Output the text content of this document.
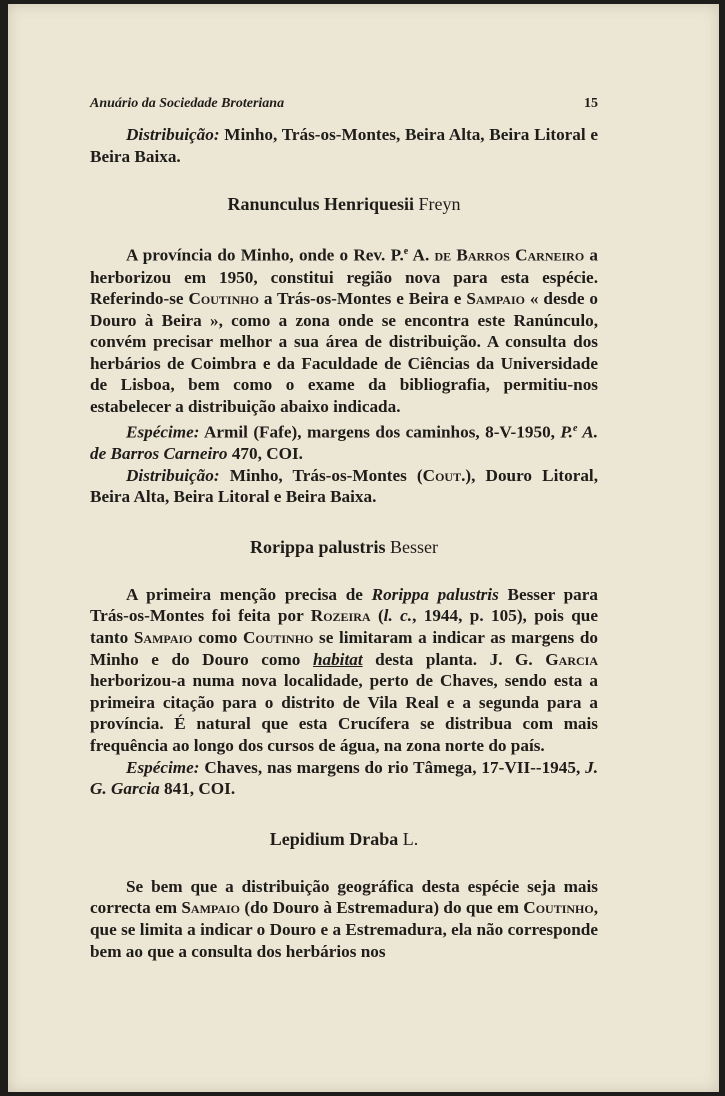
Anuário da Sociedade Broteriana	15

Distribuição: Minho, Trás-os-Montes, Beira Alta, Beira Litoral e Beira Baixa.

Ranunculus Henriquesii Freyn

A província do Minho, onde o Rev. P.$^e$ A. de Barros Carneiro a herborizou em 1950, constitui região nova para esta espécie. Referindo-se Coutinho a Trás-os-Montes e Beira e Sampaio « desde o Douro à Beira », como a zona onde se encontra este Ranúnculo, convém precisar melhor a sua área de distribuição. A consulta dos herbários de Coimbra e da Faculdade de Ciências da Universidade de Lisboa, bem como o exame da bibliografia, permitiu-nos estabelecer a distribuição abaixo indicada.

Espécime: Armil (Fafe), margens dos caminhos, 8-V-1950, P.$^e$ A. de Barros Carneiro 470, COI.

Distribuição: Minho, Trás-os-Montes (Cout.), Douro Litoral, Beira Alta, Beira Litoral e Beira Baixa.

Rorippa palustris Besser

A primeira menção precisa de Rorippa palustris Besser para Trás-os-Montes foi feita por Rozeira (l. c., 1944, p. 105), pois que tanto Sampaio como Coutinho se limitaram a indicar as margens do Minho e do Douro como habitat desta planta. J. G. Garcia herborizou-a numa nova localidade, perto de Chaves, sendo esta a primeira citação para o distrito de Vila Real e a segunda para a província. É natural que esta Crucífera se distribua com mais frequência ao longo dos cursos de água, na zona norte do país.

Espécime: Chaves, nas margens do rio Tâmega, 17-VII--1945, J. G. Garcia 841, COI.

Lepidium Draba L.

Se bem que a distribuição geográfica desta espécie seja mais correcta em Sampaio (do Douro à Estremadura) do que em Coutinho, que se limita a indicar o Douro e a Estremadura, ela não corresponde bem ao que a consulta dos herbários nos
